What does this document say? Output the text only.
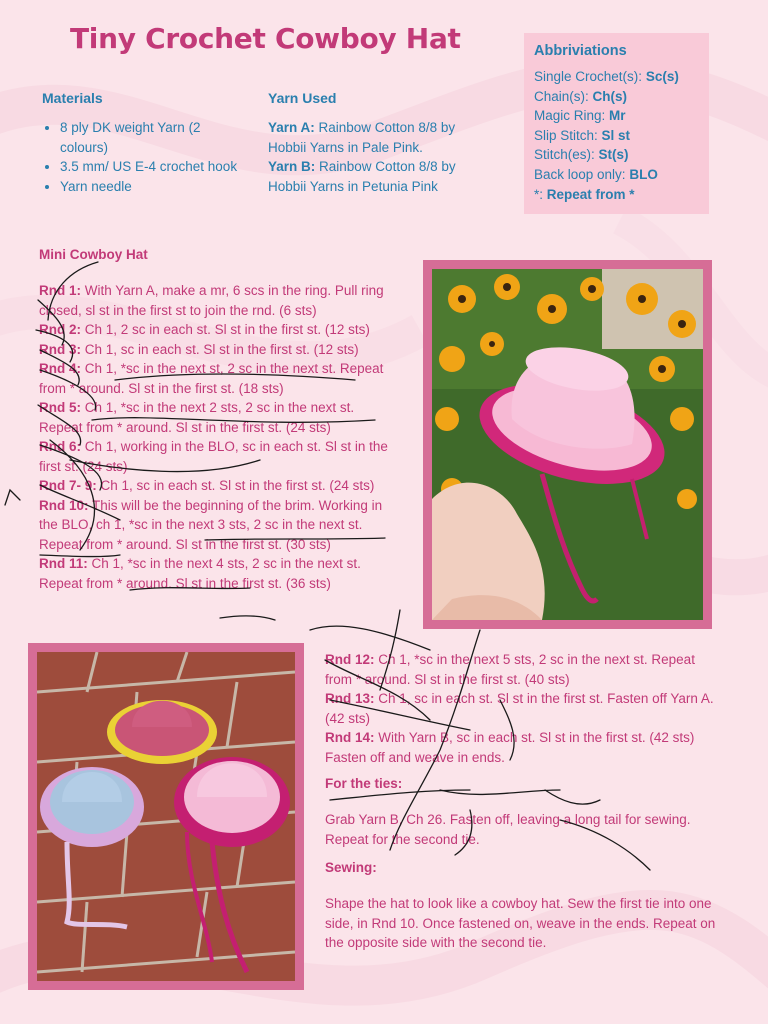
Tiny Crochet Cowboy Hat
Materials
• 8 ply DK weight Yarn (2 colours)
• 3.5 mm/ US E-4 crochet hook
• Yarn needle
Yarn Used
Yarn A: Rainbow Cotton 8/8 by Hobbii Yarns in Pale Pink.
Yarn B: Rainbow Cotton 8/8 by Hobbii Yarns in Petunia Pink
Abbriviations
Single Crochet(s): Sc(s)
Chain(s): Ch(s)
Magic Ring: Mr
Slip Stitch: Sl st
Stitch(es): St(s)
Back loop only: BLO
*: Repeat from *
Mini Cowboy Hat

Rnd 1: With Yarn A, make a mr, 6 scs in the ring. Pull ring closed, sl st in the first st to join the rnd. (6 sts)

Rnd 2: Ch 1, 2 sc in each st. Sl st in the first st. (12 sts)

Rnd 3: Ch 1, sc in each st. Sl st in the first st. (12 sts)

Rnd 4: Ch 1, *sc in the next st, 2 sc in the next st. Repeat from * around. Sl st in the first st. (18 sts)

Rnd 5: Ch 1, *sc in the next 2 sts, 2 sc in the next st. Repeat from * around. Sl st in the first st. (24 sts)

Rnd 6: Ch 1, working in the BLO, sc in each st. Sl st in the first st. (24 sts)

Rnd 7- 9: Ch 1, sc in each st. Sl st in the first st. (24 sts)

Rnd 10: This will be the beginning of the brim. Working in the BLO, ch 1, *sc in the next 3 sts, 2 sc in the next st. Repeat from * around. Sl st in the first st. (30 sts)

Rnd 11: Ch 1, *sc in the next 4 sts, 2 sc in the next st. Repeat from * around. Sl st in the first st. (36 sts)

Rnd 12: Ch 1, *sc in the next 5 sts, 2 sc in the next st. Repeat from * around. Sl st in the first st. (40 sts)

Rnd 13: Ch 1, sc in each st. Sl st in the first st. Fasten off Yarn A. (42 sts)

Rnd 14: With Yarn B, sc in each st. Sl st in the first st. (42 sts) Fasten off and weave in ends.

For the ties:
Grab Yarn B, Ch 26. Fasten off, leaving a long tail for sewing. Repeat for the second tie.
Sewing:
Shape the hat to look like a cowboy hat. Sew the first tie into one side, in Rnd 10. Once fastened on, weave in the ends. Repeat on the opposite side with the second tie.
